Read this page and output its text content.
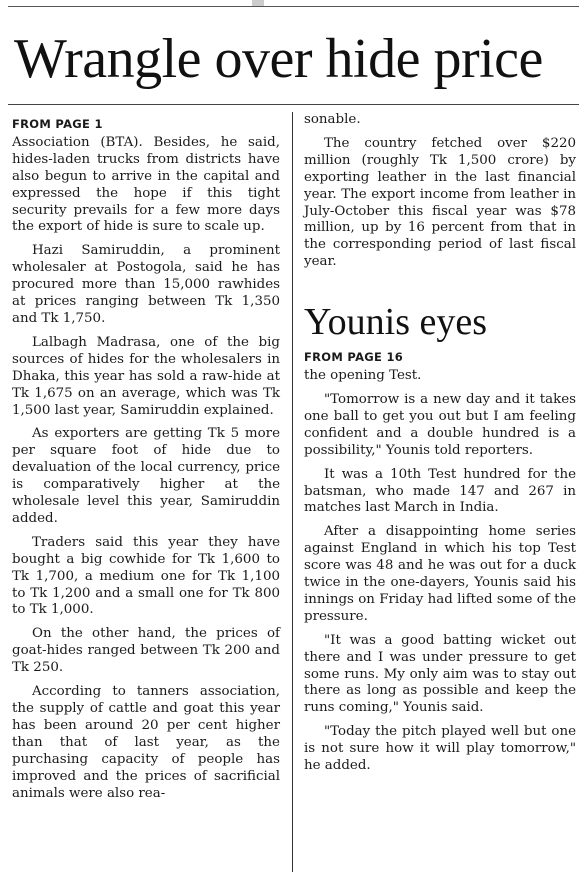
Wrangle over hide price
FROM PAGE 1

Association (BTA). Besides, he said, hides-laden trucks from districts have also begun to arrive in the capital and expressed the hope if this tight security prevails for a few more days the export of hide is sure to scale up.

Hazi Samiruddin, a prominent wholesaler at Postogola, said he has procured more than 15,000 rawhides at prices ranging between Tk 1,350 and Tk 1,750.

Lalbagh Madrasa, one of the big sources of hides for the wholesalers in Dhaka, this year has sold a raw-hide at Tk 1,675 on an average, which was Tk 1,500 last year, Samiruddin explained.

As exporters are getting Tk 5 more per square foot of hide due to devaluation of the local currency, price is comparatively higher at the wholesale level this year, Samiruddin added.

Traders said this year they have bought a big cowhide for Tk 1,600 to Tk 1,700, a medium one for Tk 1,100 to Tk 1,200 and a small one for Tk 800 to Tk 1,000.

On the other hand, the prices of goat-hides ranged between Tk 200 and Tk 250.

According to tanners association, the supply of cattle and goat this year has been around 20 per cent higher than that of last year, as the purchasing capacity of people has improved and the prices of sacrificial animals were also rea-

sonable.

The country fetched over $220 million (roughly Tk 1,500 crore) by exporting leather in the last financial year. The export income from leather in July-October this fiscal year was $78 million, up by 16 percent from that in the corresponding period of last fiscal year.

Younis eyes
FROM PAGE 16

the opening Test.

"Tomorrow is a new day and it takes one ball to get you out but I am feeling confident and a double hundred is a possibility," Younis told reporters.

It was a 10th Test hundred for the batsman, who made 147 and 267 in matches last March in India.

After a disappointing home series against England in which his top Test score was 48 and he was out for a duck twice in the one-dayers, Younis said his innings on Friday had lifted some of the pressure.

"It was a good batting wicket out there and I was under pressure to get some runs. My only aim was to stay out there as long as possible and keep the runs coming," Younis said.

"Today the pitch played well but one is not sure how it will play tomorrow," he added.
